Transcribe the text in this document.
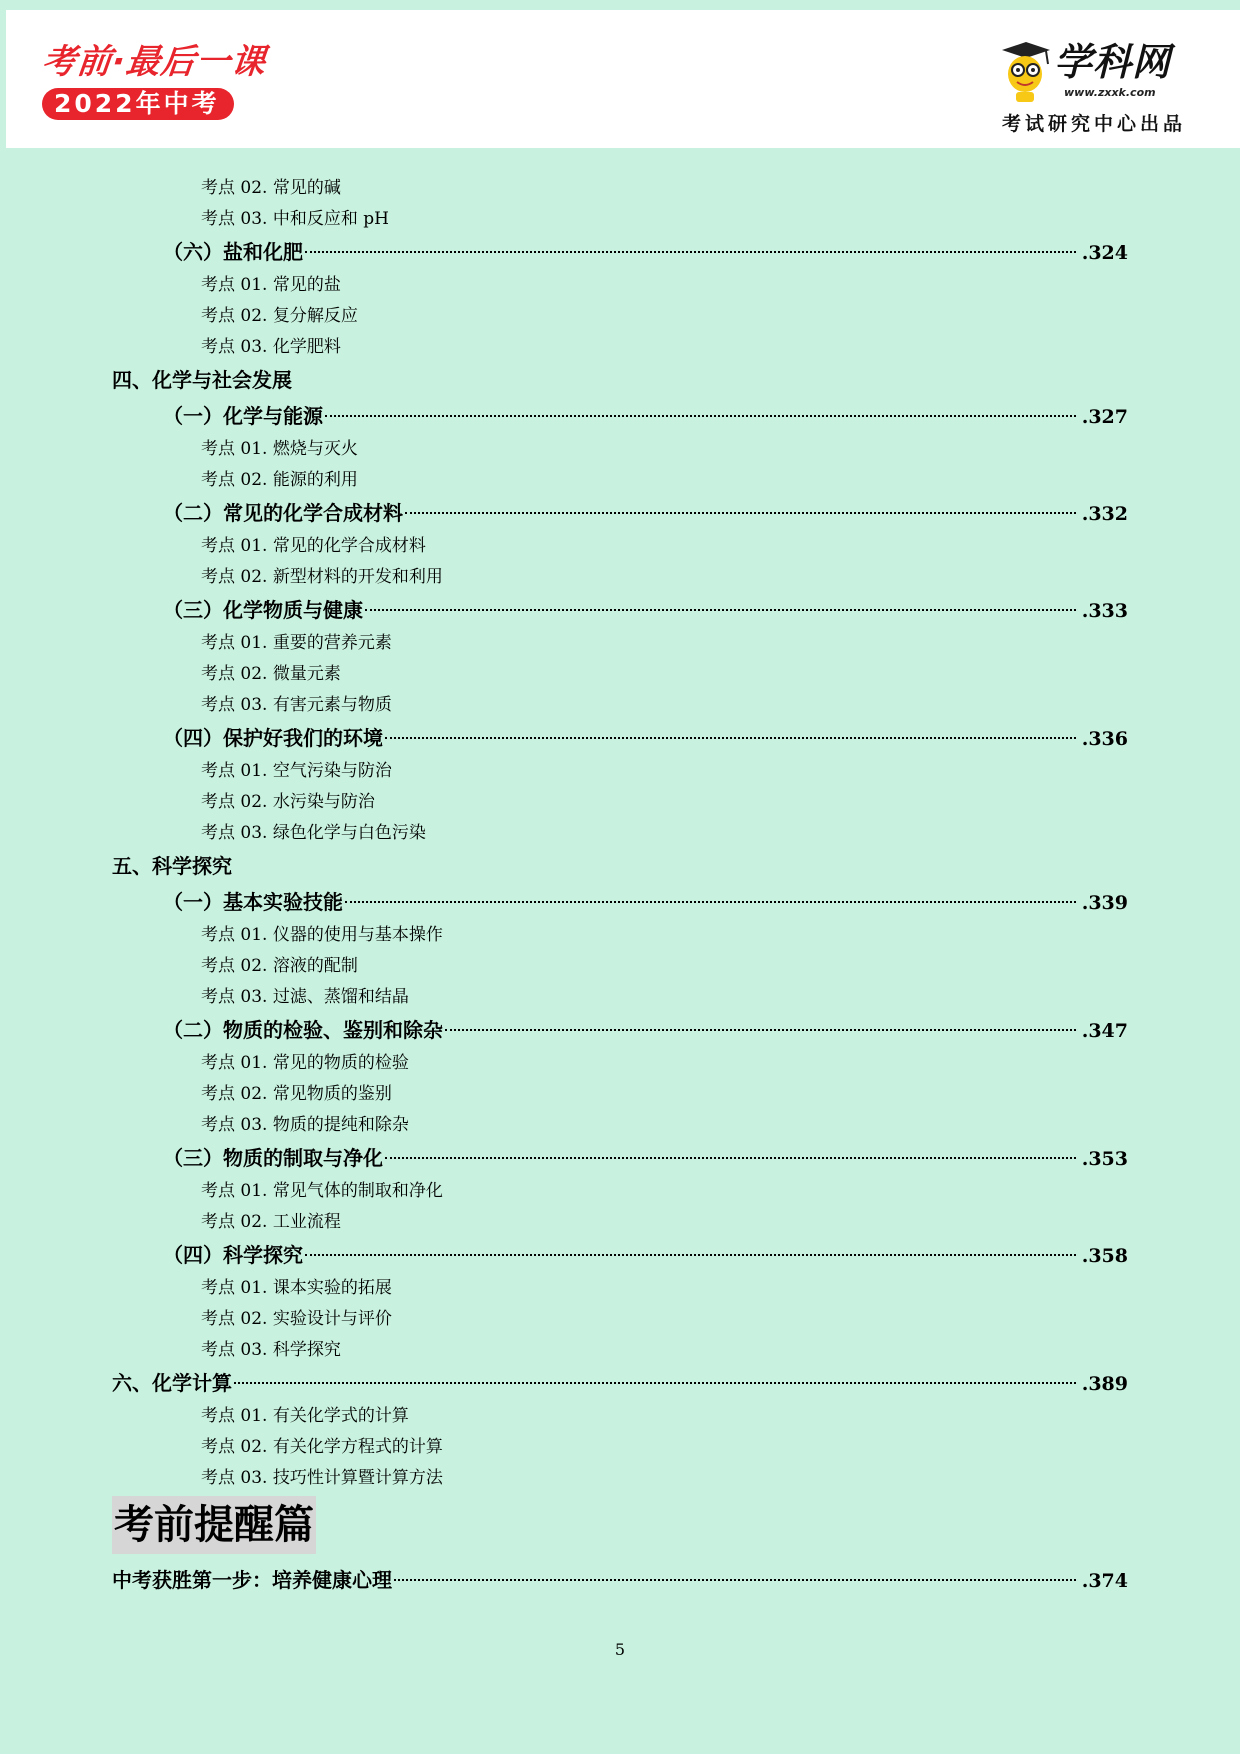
考前·最后一课
2022年中考
学科网
www.zxxk.com
考试研究中心出品
考点 02. 常见的碱
考点 03. 中和反应和 pH
（六）盐和化肥	.324
考点 01. 常见的盐
考点 02. 复分解反应
考点 03. 化学肥料
四、化学与社会发展
（一）化学与能源	.327
考点 01. 燃烧与灭火
考点 02. 能源的利用
（二）常见的化学合成材料	.332
考点 01. 常见的化学合成材料
考点 02. 新型材料的开发和利用
（三）化学物质与健康	.333
考点 01. 重要的营养元素
考点 02. 微量元素
考点 03. 有害元素与物质
（四）保护好我们的环境	.336
考点 01. 空气污染与防治
考点 02. 水污染与防治
考点 03. 绿色化学与白色污染
五、科学探究
（一）基本实验技能	.339
考点 01. 仪器的使用与基本操作
考点 02. 溶液的配制
考点 03. 过滤、蒸馏和结晶
（二）物质的检验、鉴别和除杂	.347
考点 01. 常见的物质的检验
考点 02. 常见物质的鉴别
考点 03. 物质的提纯和除杂
（三）物质的制取与净化	.353
考点 01. 常见气体的制取和净化
考点 02. 工业流程
（四）科学探究	.358
考点 01. 课本实验的拓展
考点 02. 实验设计与评价
考点 03. 科学探究
六、化学计算	.389
考点 01. 有关化学式的计算
考点 02. 有关化学方程式的计算
考点 03. 技巧性计算暨计算方法
考前提醒篇
中考获胜第一步：培养健康心理	.374
5
